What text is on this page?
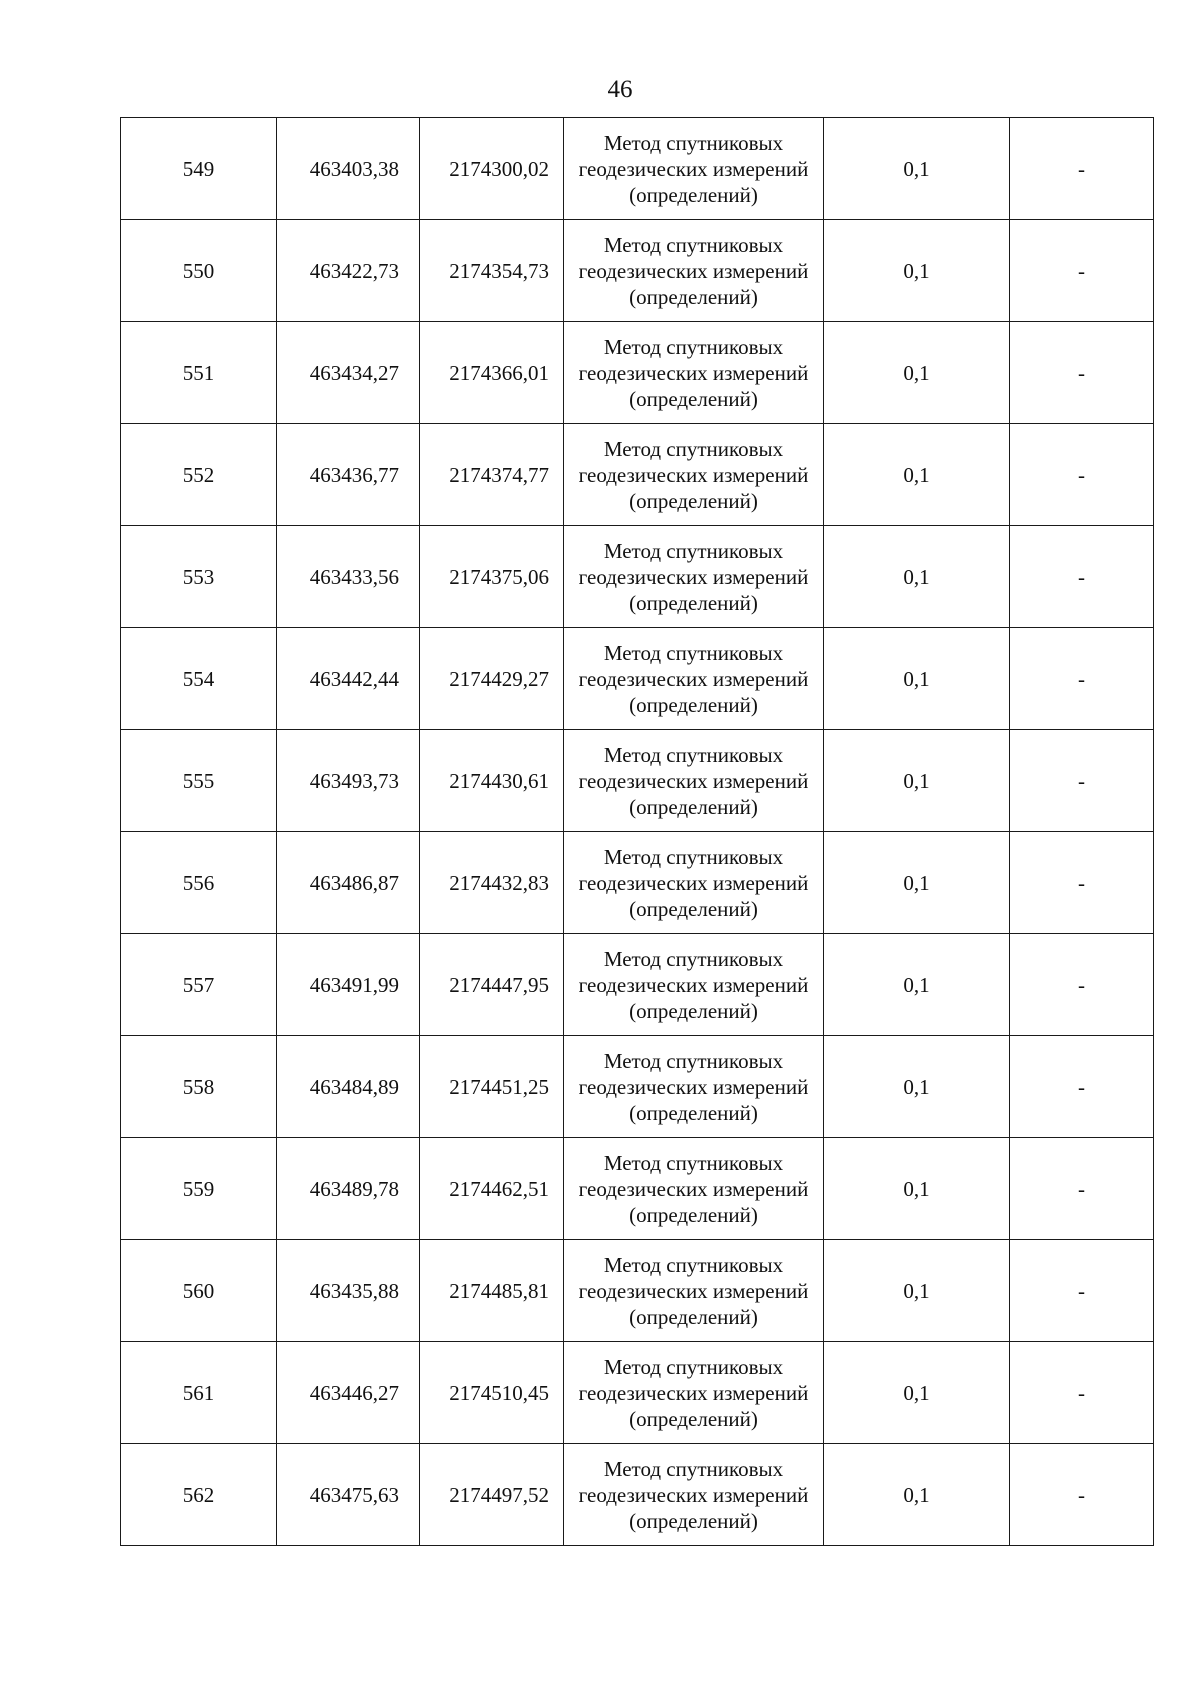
46
549	463403,38	2174300,02	Метод спутниковых
геодезических измерений
(определений)	0,1	-
550	463422,73	2174354,73	Метод спутниковых
геодезических измерений
(определений)	0,1	-
551	463434,27	2174366,01	Метод спутниковых
геодезических измерений
(определений)	0,1	-
552	463436,77	2174374,77	Метод спутниковых
геодезических измерений
(определений)	0,1	-
553	463433,56	2174375,06	Метод спутниковых
геодезических измерений
(определений)	0,1	-
554	463442,44	2174429,27	Метод спутниковых
геодезических измерений
(определений)	0,1	-
555	463493,73	2174430,61	Метод спутниковых
геодезических измерений
(определений)	0,1	-
556	463486,87	2174432,83	Метод спутниковых
геодезических измерений
(определений)	0,1	-
557	463491,99	2174447,95	Метод спутниковых
геодезических измерений
(определений)	0,1	-
558	463484,89	2174451,25	Метод спутниковых
геодезических измерений
(определений)	0,1	-
559	463489,78	2174462,51	Метод спутниковых
геодезических измерений
(определений)	0,1	-
560	463435,88	2174485,81	Метод спутниковых
геодезических измерений
(определений)	0,1	-
561	463446,27	2174510,45	Метод спутниковых
геодезических измерений
(определений)	0,1	-
562	463475,63	2174497,52	Метод спутниковых
геодезических измерений
(определений)	0,1	-
